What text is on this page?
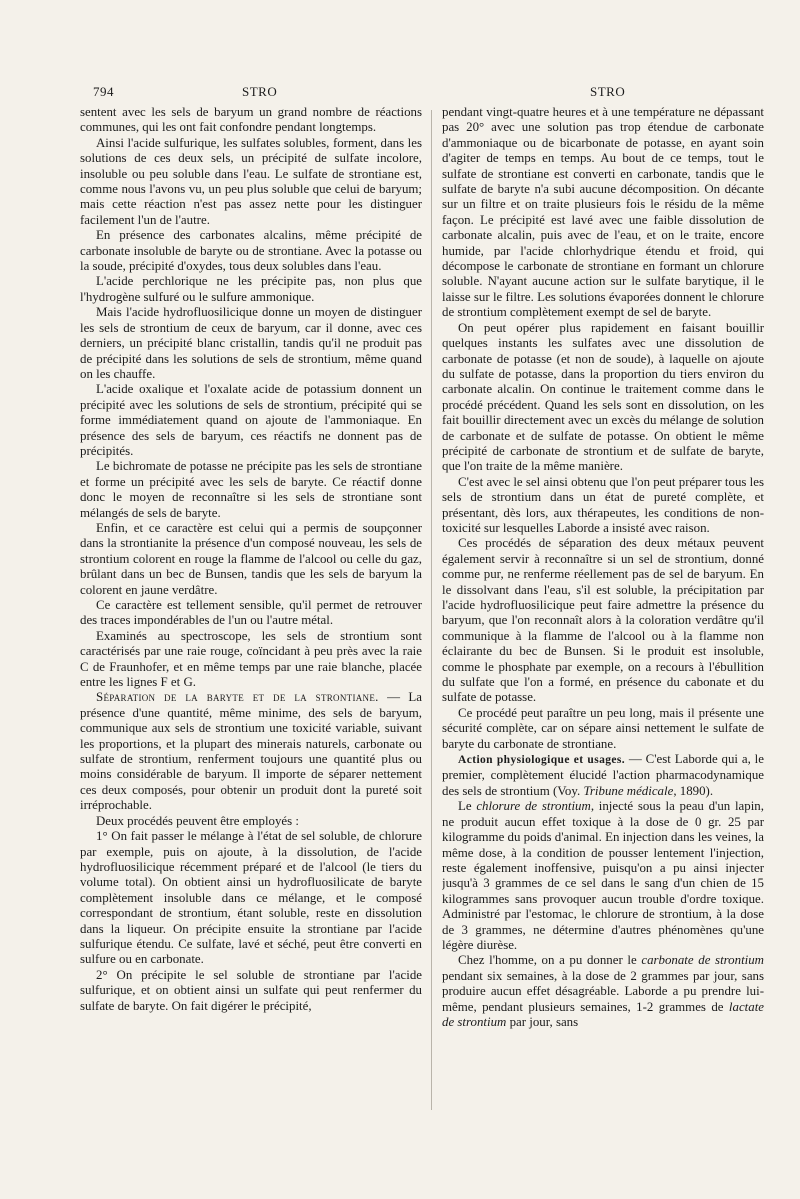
794	STRO	STRO

sentent avec les sels de baryum un grand nombre de réactions communes, qui les ont fait confondre pendant longtemps.

Ainsi l'acide sulfurique, les sulfates solubles, forment, dans les solutions de ces deux sels, un précipité de sulfate incolore, insoluble ou peu soluble dans l'eau. Le sulfate de strontiane est, comme nous l'avons vu, un peu plus soluble que celui de baryum; mais cette réaction n'est pas assez nette pour les distinguer facilement l'un de l'autre.

En présence des carbonates alcalins, même précipité de carbonate insoluble de baryte ou de strontiane. Avec la potasse ou la soude, précipité d'oxydes, tous deux solubles dans l'eau.

L'acide perchlorique ne les précipite pas, non plus que l'hydrogène sulfuré ou le sulfure ammonique.

Mais l'acide hydrofluosilicique donne un moyen de distinguer les sels de strontium de ceux de baryum, car il donne, avec ces derniers, un précipité blanc cristallin, tandis qu'il ne produit pas de précipité dans les solutions de sels de strontium, même quand on les chauffe.

L'acide oxalique et l'oxalate acide de potassium donnent un précipité avec les solutions de sels de strontium, précipité qui se forme immédiatement quand on ajoute de l'ammoniaque. En présence des sels de baryum, ces réactifs ne donnent pas de précipités.

Le bichromate de potasse ne précipite pas les sels de strontiane et forme un précipité avec les sels de baryte. Ce réactif donne donc le moyen de reconnaître si les sels de strontiane sont mélangés de sels de baryte.

Enfin, et ce caractère est celui qui a permis de soupçonner dans la strontianite la présence d'un composé nouveau, les sels de strontium colorent en rouge la flamme de l'alcool ou celle du gaz, brûlant dans un bec de Bunsen, tandis que les sels de baryum la colorent en jaune verdâtre.

Ce caractère est tellement sensible, qu'il permet de retrouver des traces impondérables de l'un ou l'autre métal.

Examinés au spectroscope, les sels de strontium sont caractérisés par une raie rouge, coïncidant à peu près avec la raie C de Fraunhofer, et en même temps par une raie blanche, placée entre les lignes F et G.

Séparation de la baryte et de la strontiane. — La présence d'une quantité, même minime, des sels de baryum, communique aux sels de strontium une toxicité variable, suivant les proportions, et la plupart des minerais naturels, carbonate ou sulfate de strontium, renferment toujours une quantité plus ou moins considérable de baryum. Il importe de séparer nettement ces deux composés, pour obtenir un produit dont la pureté soit irréprochable.

Deux procédés peuvent être employés :

1° On fait passer le mélange à l'état de sel soluble, de chlorure par exemple, puis on ajoute, à la dissolution, de l'acide hydrofluosilicique récemment préparé et de l'alcool (le tiers du volume total). On obtient ainsi un hydrofluosilicate de baryte complètement insoluble dans ce mélange, et le composé correspondant de strontium, étant soluble, reste en dissolution dans la liqueur. On précipite ensuite la strontiane par l'acide sulfurique étendu. Ce sulfate, lavé et séché, peut être converti en sulfure ou en carbonate.

2° On précipite le sel soluble de strontiane par l'acide sulfurique, et on obtient ainsi un sulfate qui peut renfermer du sulfate de baryte. On fait digérer le précipité,

pendant vingt-quatre heures et à une température ne dépassant pas 20° avec une solution pas trop étendue de carbonate d'ammoniaque ou de bicarbonate de potasse, en ayant soin d'agiter de temps en temps. Au bout de ce temps, tout le sulfate de strontiane est converti en carbonate, tandis que le sulfate de baryte n'a subi aucune décomposition. On décante sur un filtre et on traite plusieurs fois le résidu de la même façon. Le précipité est lavé avec une faible dissolution de carbonate alcalin, puis avec de l'eau, et on le traite, encore humide, par l'acide chlorhydrique étendu et froid, qui décompose le carbonate de strontiane en formant un chlorure soluble. N'ayant aucune action sur le sulfate barytique, il le laisse sur le filtre. Les solutions évaporées donnent le chlorure de strontium complètement exempt de sel de baryte.

On peut opérer plus rapidement en faisant bouillir quelques instants les sulfates avec une dissolution de carbonate de potasse (et non de soude), à laquelle on ajoute du sulfate de potasse, dans la proportion du tiers environ du carbonate alcalin. On continue le traitement comme dans le procédé précédent. Quand les sels sont en dissolution, on les fait bouillir directement avec un excès du mélange de solution de carbonate et de sulfate de potasse. On obtient le même précipité de carbonate de strontium et de sulfate de baryte, que l'on traite de la même manière.

C'est avec le sel ainsi obtenu que l'on peut préparer tous les sels de strontium dans un état de pureté complète, et présentant, dès lors, aux thérapeutes, les conditions de non-toxicité sur lesquelles Laborde a insisté avec raison.

Ces procédés de séparation des deux métaux peuvent également servir à reconnaître si un sel de strontium, donné comme pur, ne renferme réellement pas de sel de baryum. En le dissolvant dans l'eau, s'il est soluble, la précipitation par l'acide hydrofluosilicique peut faire admettre la présence du baryum, que l'on reconnaît alors à la coloration verdâtre qu'il communique à la flamme de l'alcool ou à la flamme non éclairante du bec de Bunsen. Si le produit est insoluble, comme le phosphate par exemple, on a recours à l'ébullition du sulfate que l'on a formé, en présence du cabonate et du sulfate de potasse.

Ce procédé peut paraître un peu long, mais il présente une sécurité complète, car on sépare ainsi nettement le sulfate de baryte du carbonate de strontiane.

Action physiologique et usages. — C'est Laborde qui a, le premier, complètement élucidé l'action pharmacodynamique des sels de strontium (Voy. Tribune médicale, 1890).

Le chlorure de strontium, injecté sous la peau d'un lapin, ne produit aucun effet toxique à la dose de 0 gr. 25 par kilogramme du poids d'animal. En injection dans les veines, la même dose, à la condition de pousser lentement l'injection, reste également inoffensive, puisqu'on a pu ainsi injecter jusqu'à 3 grammes de ce sel dans le sang d'un chien de 15 kilogrammes sans provoquer aucun trouble d'ordre toxique. Administré par l'estomac, le chlorure de strontium, à la dose de 3 grammes, ne détermine d'autres phénomènes qu'une légère diurèse.

Chez l'homme, on a pu donner le carbonate de strontium pendant six semaines, à la dose de 2 grammes par jour, sans produire aucun effet désagréable. Laborde a pu prendre lui-même, pendant plusieurs semaines, 1-2 grammes de lactate de strontium par jour, sans
